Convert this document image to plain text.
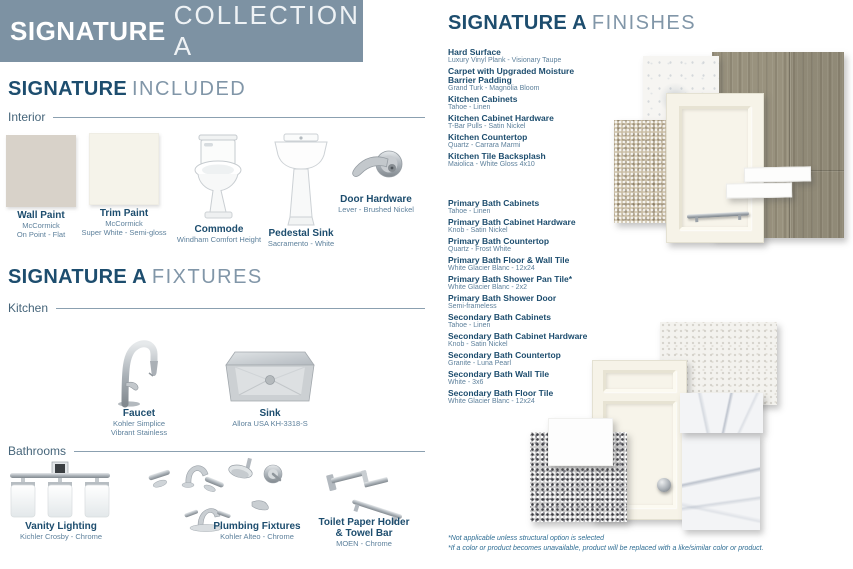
SIGNATURE
COLLECTION A
SIGNATURE INCLUDED
Interior
Wall Paint
McCormick
On Point - Flat
Trim Paint
McCormick
Super White - Semi-gloss	Commode
Windham Comfort Height
Pedestal Sink
Sacramento - White
Door Hardware
Lever - Brushed Nickel
SIGNATURE A FIXTURES
Kitchen
Faucet
Kohler Simplice
Vibrant Stainless
Sink
Allora USA KH-3318-S
Bathrooms
Vanity Lighting
Kichler Crosby - Chrome
Plumbing Fixtures
Kohler Alteo - Chrome
Toilet Paper Holder & Towel Bar
MOEN - Chrome
SIGNATURE A FINISHES
Hard Surface
Luxury Vinyl Plank - Visionary Taupe
Carpet with Upgraded Moisture Barrier Padding
Grand Turk - Magnolia Bloom
Kitchen Cabinets
Tahoe - Linen
Kitchen Cabinet Hardware
T-Bar Pulls - Satin Nickel
Kitchen Countertop
Quartz - Carrara Marmi
Kitchen Tile Backsplash
Maiolica - White Gloss 4x10
Primary Bath Cabinets
Tahoe - Linen
Primary Bath Cabinet Hardware
Knob - Satin Nickel
Primary Bath Countertop
Quartz - Frost White
Primary Bath Floor & Wall Tile
White Glacier Blanc - 12x24
Primary Bath Shower Pan Tile*
White Glacier Blanc - 2x2
Primary Bath Shower Door
Semi-frameless
Secondary Bath Cabinets
Tahoe - Linen
Secondary Bath Cabinet Hardware
Knob - Satin Nickel
Secondary Bath Countertop
Granite - Luna Pearl
Secondary Bath Wall Tile
White - 3x6
Secondary Bath Floor Tile
White Glacier Blanc - 12x24
*Not applicable unless structural option is selected
*If a color or product becomes unavailable, product will be replaced with a like/similar color or product.
